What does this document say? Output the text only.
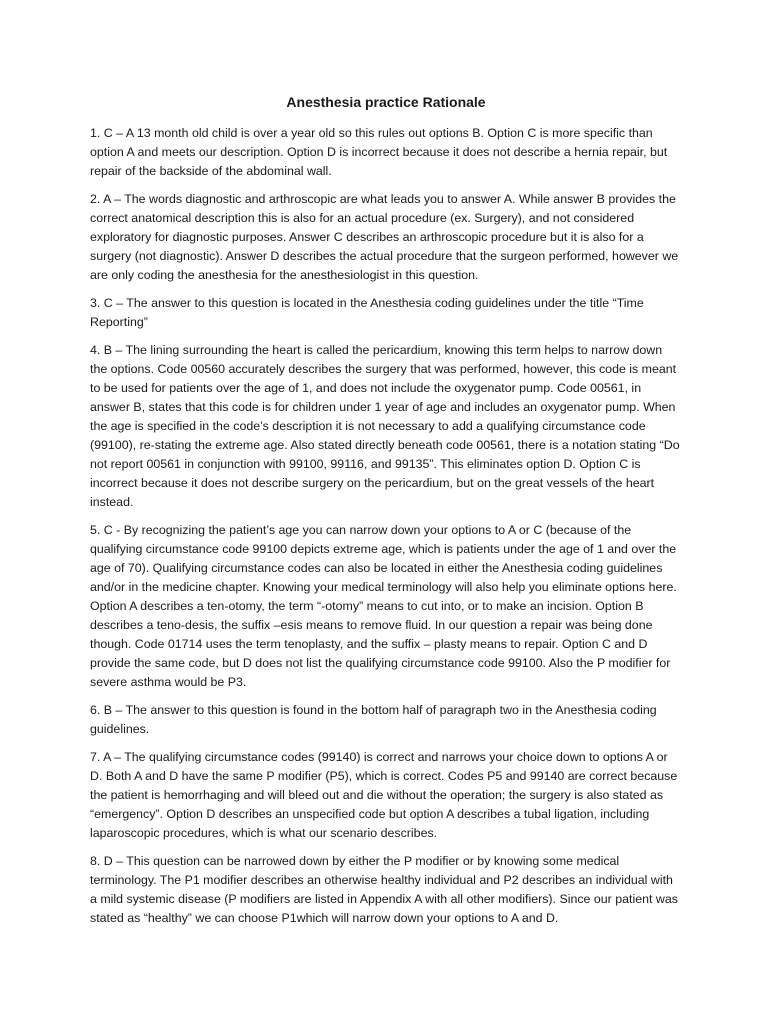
Anesthesia practice Rationale

1. C – A 13 month old child is over a year old so this rules out options B. Option C is more specific than option A and meets our description. Option D is incorrect because it does not describe a hernia repair, but repair of the backside of the abdominal wall.

2. A – The words diagnostic and arthroscopic are what leads you to answer A. While answer B provides the correct anatomical description this is also for an actual procedure (ex. Surgery), and not considered exploratory for diagnostic purposes. Answer C describes an arthroscopic procedure but it is also for a surgery (not diagnostic). Answer D describes the actual procedure that the surgeon performed, however we are only coding the anesthesia for the anesthesiologist in this question.

3. C – The answer to this question is located in the Anesthesia coding guidelines under the title “Time Reporting”

4. B – The lining surrounding the heart is called the pericardium, knowing this term helps to narrow down the options. Code 00560 accurately describes the surgery that was performed, however, this code is meant to be used for patients over the age of 1, and does not include the oxygenator pump. Code 00561, in answer B, states that this code is for children under 1 year of age and includes an oxygenator pump. When the age is specified in the code’s description it is not necessary to add a qualifying circumstance code (99100), re-stating the extreme age. Also stated directly beneath code 00561, there is a notation stating “Do not report 00561 in conjunction with 99100, 99116, and 99135”. This eliminates option D. Option C is incorrect because it does not describe surgery on the pericardium, but on the great vessels of the heart instead.

5. C - By recognizing the patient’s age you can narrow down your options to A or C (because of the qualifying circumstance code 99100 depicts extreme age, which is patients under the age of 1 and over the age of 70). Qualifying circumstance codes can also be located in either the Anesthesia coding guidelines and/or in the medicine chapter. Knowing your medical terminology will also help you eliminate options here. Option A describes a ten-otomy, the term “-otomy” means to cut into, or to make an incision. Option B describes a teno-desis, the suffix –esis means to remove fluid. In our question a repair was being done though. Code 01714 uses the term tenoplasty, and the suffix – plasty means to repair. Option C and D provide the same code, but D does not list the qualifying circumstance code 99100. Also the P modifier for severe asthma would be P3.

6. B – The answer to this question is found in the bottom half of paragraph two in the Anesthesia coding guidelines.

7. A – The qualifying circumstance codes (99140) is correct and narrows your choice down to options A or D. Both A and D have the same P modifier (P5), which is correct. Codes P5 and 99140 are correct because the patient is hemorrhaging and will bleed out and die without the operation; the surgery is also stated as “emergency”. Option D describes an unspecified code but option A describes a tubal ligation, including laparoscopic procedures, which is what our scenario describes.

8. D – This question can be narrowed down by either the P modifier or by knowing some medical terminology. The P1 modifier describes an otherwise healthy individual and P2 describes an individual with a mild systemic disease (P modifiers are listed in Appendix A with all other modifiers). Since our patient was stated as “healthy” we can choose P1which will narrow down your options to A and D.
